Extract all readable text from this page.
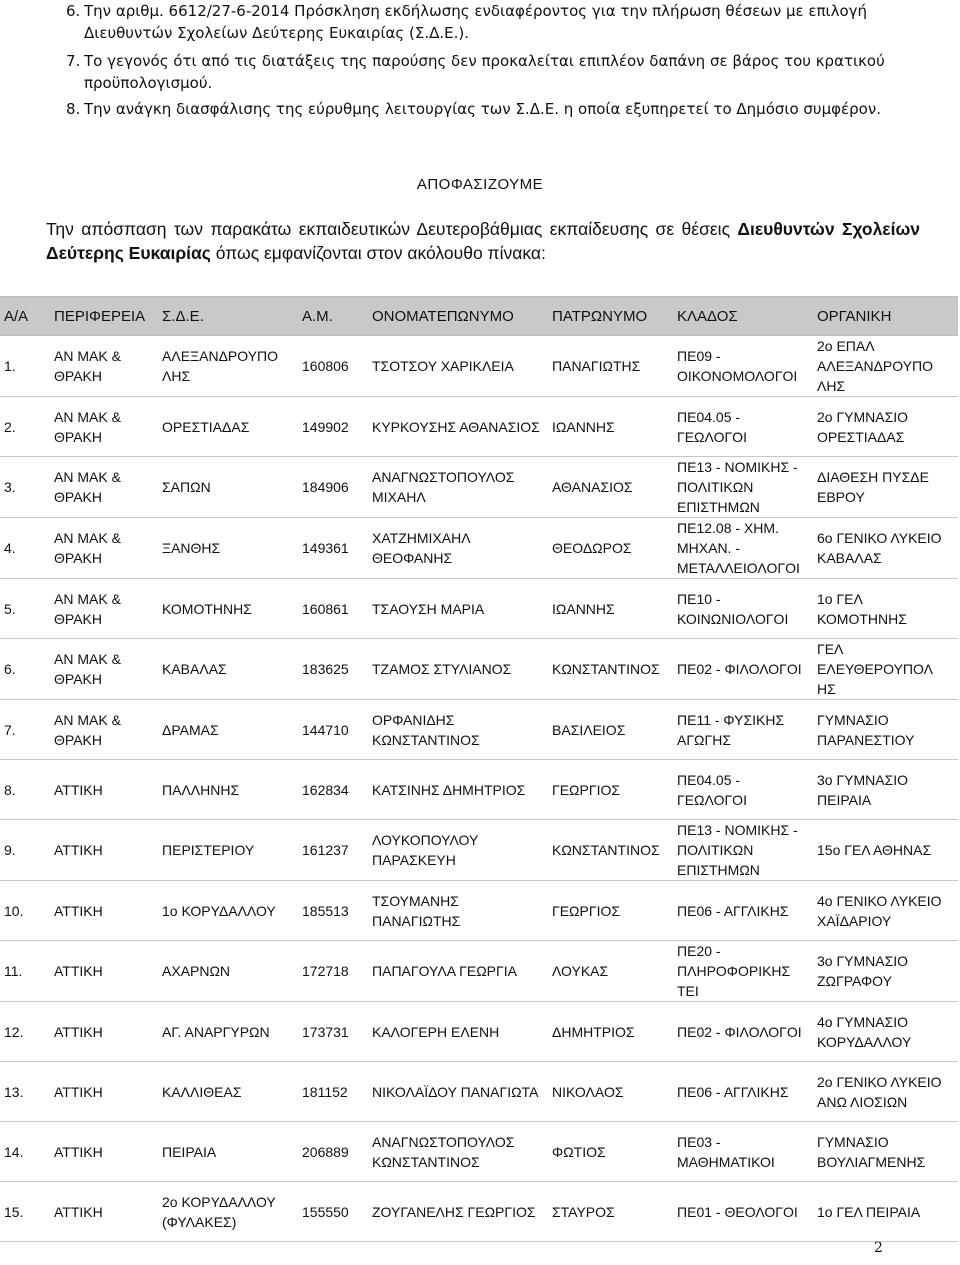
6. Την αριθμ. 6612/27-6-2014 Πρόσκληση εκδήλωσης ενδιαφέροντος για την πλήρωση θέσεων με επιλογή Διευθυντών Σχολείων Δεύτερης Ευκαιρίας (Σ.Δ.Ε.).
7. Το γεγονός ότι από τις διατάξεις της παρούσης δεν προκαλείται επιπλέον δαπάνη σε βάρος του κρατικού προϋπολογισμού.
8. Την ανάγκη διασφάλισης της εύρυθμης λειτουργίας των Σ.Δ.Ε. η οποία εξυπηρετεί το Δημόσιο συμφέρον.
ΑΠΟΦΑΣΙΖΟΥΜΕ
Την απόσπαση των παρακάτω εκπαιδευτικών Δευτεροβάθμιας εκπαίδευσης σε θέσεις Διευθυντών Σχολείων Δεύτερης Ευκαιρίας όπως εμφανίζονται στον ακόλουθο πίνακα:
Α/Α	ΠΕΡΙΦΕΡΕΙΑ	Σ.Δ.Ε.	Α.Μ.	ΟΝΟΜΑΤΕΠΩΝΥΜΟ	ΠΑΤΡΩΝΥΜΟ	ΚΛΑΔΟΣ	ΟΡΓΑΝΙΚΗ
1.	ΑΝ ΜΑΚ & ΘΡΑΚΗ	ΑΛΕΞΑΝΔΡΟΥΠΟ ΛΗΣ	160806	ΤΣΟΤΣΟΥ ΧΑΡΙΚΛΕΙΑ	ΠΑΝΑΓΙΩΤΗΣ	ΠΕ09 - ΟΙΚΟΝΟΜΟΛΟΓΟΙ	2ο ΕΠΑΛ ΑΛΕΞΑΝΔΡΟΥΠΟ ΛΗΣ
2.	ΑΝ ΜΑΚ & ΘΡΑΚΗ	ΟΡΕΣΤΙΑΔΑΣ	149902	ΚΥΡΚΟΥΣΗΣ ΑΘΑΝΑΣΙΟΣ	ΙΩΑΝΝΗΣ	ΠΕ04.05 - ΓΕΩΛΟΓΟΙ	2ο ΓΥΜΝΑΣΙΟ ΟΡΕΣΤΙΑΔΑΣ
3.	ΑΝ ΜΑΚ & ΘΡΑΚΗ	ΣΑΠΩΝ	184906	ΑΝΑΓΝΩΣΤΟΠΟΥΛΟΣ ΜΙΧΑΗΛ	ΑΘΑΝΑΣΙΟΣ	ΠΕ13 - ΝΟΜΙΚΗΣ - ΠΟΛΙΤΙΚΩΝ ΕΠΙΣΤΗΜΩΝ	ΔΙΑΘΕΣΗ ΠΥΣΔΕ ΕΒΡΟΥ
4.	ΑΝ ΜΑΚ & ΘΡΑΚΗ	ΞΑΝΘΗΣ	149361	ΧΑΤΖΗΜΙΧΑΗΛ ΘΕΟΦΑΝΗΣ	ΘΕΟΔΩΡΟΣ	ΠΕ12.08 - ΧΗΜ. ΜΗΧΑΝ. - ΜΕΤΑΛΛΕΙΟΛΟΓΟΙ	6ο ΓΕΝΙΚΟ ΛΥΚΕΙΟ ΚΑΒΑΛΑΣ
5.	ΑΝ ΜΑΚ & ΘΡΑΚΗ	ΚΟΜΟΤΗΝΗΣ	160861	ΤΣΑΟΥΣΗ ΜΑΡΙΑ	ΙΩΑΝΝΗΣ	ΠΕ10 - ΚΟΙΝΩΝΙΟΛΟΓΟΙ	1ο ΓΕΛ ΚΟΜΟΤΗΝΗΣ
6.	ΑΝ ΜΑΚ & ΘΡΑΚΗ	ΚΑΒΑΛΑΣ	183625	ΤΖΑΜΟΣ ΣΤΥΛΙΑΝΟΣ	ΚΩΝΣΤΑΝΤΙΝΟΣ	ΠΕ02 - ΦΙΛΟΛΟΓΟΙ	ΓΕΛ ΕΛΕΥΘΕΡΟΥΠΟΛ ΗΣ
7.	ΑΝ ΜΑΚ & ΘΡΑΚΗ	ΔΡΑΜΑΣ	144710	ΟΡΦΑΝΙΔΗΣ ΚΩΝΣΤΑΝΤΙΝΟΣ	ΒΑΣΙΛΕΙΟΣ	ΠΕ11 - ΦΥΣΙΚΗΣ ΑΓΩΓΗΣ	ΓΥΜΝΑΣΙΟ ΠΑΡΑΝΕΣΤΙΟΥ
8.	ΑΤΤΙΚΗ	ΠΑΛΛΗΝΗΣ	162834	ΚΑΤΣΙΝΗΣ ΔΗΜΗΤΡΙΟΣ	ΓΕΩΡΓΙΟΣ	ΠΕ04.05 - ΓΕΩΛΟΓΟΙ	3ο ΓΥΜΝΑΣΙΟ ΠΕΙΡΑΙΑ
9.	ΑΤΤΙΚΗ	ΠΕΡΙΣΤΕΡΙΟΥ	161237	ΛΟΥΚΟΠΟΥΛΟΥ ΠΑΡΑΣΚΕΥΗ	ΚΩΝΣΤΑΝΤΙΝΟΣ	ΠΕ13 - ΝΟΜΙΚΗΣ - ΠΟΛΙΤΙΚΩΝ ΕΠΙΣΤΗΜΩΝ	15ο ΓΕΛ ΑΘΗΝΑΣ
10.	ΑΤΤΙΚΗ	1ο ΚΟΡΥΔΑΛΛΟΥ	185513	ΤΣΟΥΜΑΝΗΣ ΠΑΝΑΓΙΩΤΗΣ	ΓΕΩΡΓΙΟΣ	ΠΕ06 - ΑΓΓΛΙΚΗΣ	4ο ΓΕΝΙΚΟ ΛΥΚΕΙΟ ΧΑΪΔΑΡΙΟΥ
11.	ΑΤΤΙΚΗ	ΑΧΑΡΝΩΝ	172718	ΠΑΠΑΓΟΥΛΑ ΓΕΩΡΓΙΑ	ΛΟΥΚΑΣ	ΠΕ20 - ΠΛΗΡΟΦΟΡΙΚΗΣ ΤΕΙ	3ο ΓΥΜΝΑΣΙΟ ΖΩΓΡΑΦΟΥ
12.	ΑΤΤΙΚΗ	ΑΓ. ΑΝΑΡΓΥΡΩΝ	173731	ΚΑΛΟΓΕΡΗ ΕΛΕΝΗ	ΔΗΜΗΤΡΙΟΣ	ΠΕ02 - ΦΙΛΟΛΟΓΟΙ	4ο ΓΥΜΝΑΣΙΟ ΚΟΡΥΔΑΛΛΟΥ
13.	ΑΤΤΙΚΗ	ΚΑΛΛΙΘΕΑΣ	181152	ΝΙΚΟΛΑΪΔΟΥ ΠΑΝΑΓΙΩΤΑ	ΝΙΚΟΛΑΟΣ	ΠΕ06 - ΑΓΓΛΙΚΗΣ	2ο ΓΕΝΙΚΟ ΛΥΚΕΙΟ ΑΝΩ ΛΙΟΣΙΩΝ
14.	ΑΤΤΙΚΗ	ΠΕΙΡΑΙΑ	206889	ΑΝΑΓΝΩΣΤΟΠΟΥΛΟΣ ΚΩΝΣΤΑΝΤΙΝΟΣ	ΦΩΤΙΟΣ	ΠΕ03 - ΜΑΘΗΜΑΤΙΚΟΙ	ΓΥΜΝΑΣΙΟ ΒΟΥΛΙΑΓΜΕΝΗΣ
15.	ΑΤΤΙΚΗ	2ο ΚΟΡΥΔΑΛΛΟΥ (ΦΥΛΑΚΕΣ)	155550	ΖΟΥΓΑΝΕΛΗΣ ΓΕΩΡΓΙΟΣ	ΣΤΑΥΡΟΣ	ΠΕ01 - ΘΕΟΛΟΓΟΙ	1ο ΓΕΛ ΠΕΙΡΑΙΑ
2
